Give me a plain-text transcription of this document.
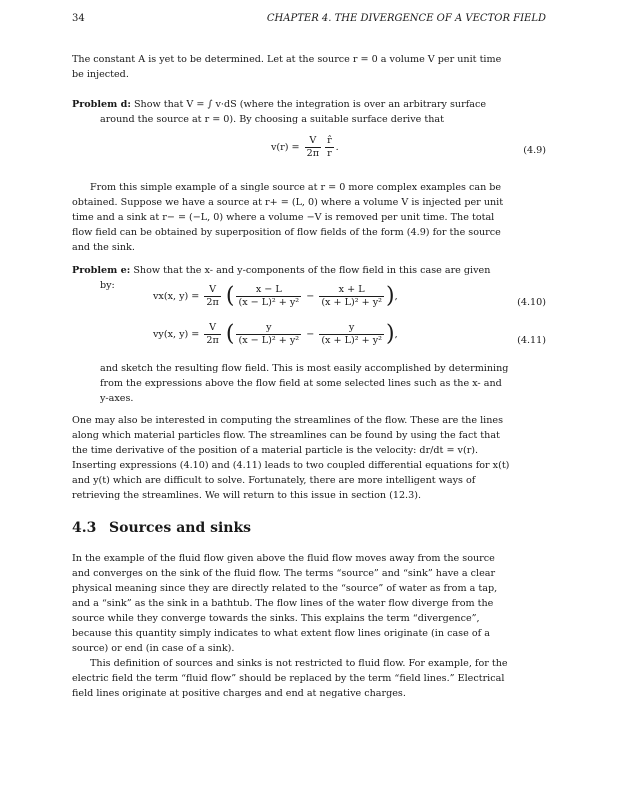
34	CHAPTER 4. THE DIVERGENCE OF A VECTOR FIELD
The constant A is yet to be determined. Let at the source r = 0 a volume V per unit time
be injected.
Problem d: Show that V = ∫ v·dS (where the integration is over an arbitrary surface
around the source at r = 0). By choosing a suitable surface derive that
$v(r) = \frac{V}{2\pi} \frac{r̂}{r}$ .	(4.9)
From this simple example of a single source at r = 0 more complex examples can be
obtained. Suppose we have a source at r+ = (L, 0) where a volume V is injected per unit
time and a sink at r− = (−L, 0) where a volume −V is removed per unit time. The total
flow field can be obtained by superposition of flow fields of the form (4.9) for the source
and the sink.
Problem e: Show that the x- and y-components of the flow field in this case are given
by:
vx(x, $y) = \frac{V}{2\pi}$ ( $\frac{x - L}{\text{(x − L)² + y²}} - \frac{x + L}{\text{(x + L)² + y²}}$ ),
(4.10)
vy(x, $y) = \frac{V}{2\pi}$ ( $\frac{y}{\text{(x − L)² + y²}} - \frac{y}{\text{(x + L)² + y²}}$ ),
(4.11)
and sketch the resulting flow field. This is most easily accomplished by determining
from the expressions above the flow field at some selected lines such as the x- and
y-axes.
One may also be interested in computing the streamlines of the flow. These are the lines
along which material particles flow. The streamlines can be found by using the fact that
the time derivative of the position of a material particle is the velocity: dr/dt = v(r).
Inserting expressions (4.10) and (4.11) leads to two coupled differential equations for x(t)
and y(t) which are difficult to solve. Fortunately, there are more intelligent ways of
retrieving the streamlines. We will return to this issue in section (12.3).
4.3 Sources and sinks
In the example of the fluid flow given above the fluid flow moves away from the source
and converges on the sink of the fluid flow. The terms “source” and “sink” have a clear
physical meaning since they are directly related to the “source” of water as from a tap,
and a “sink” as the sink in a bathtub. The flow lines of the water flow diverge from the
source while they converge towards the sinks. This explains the term “divergence”,
because this quantity simply indicates to what extent flow lines originate (in case of a
source) or end (in case of a sink).
This definition of sources and sinks is not restricted to fluid flow. For example, for the
electric field the term “fluid flow” should be replaced by the term “field lines.” Electrical
field lines originate at positive charges and end at negative charges.
